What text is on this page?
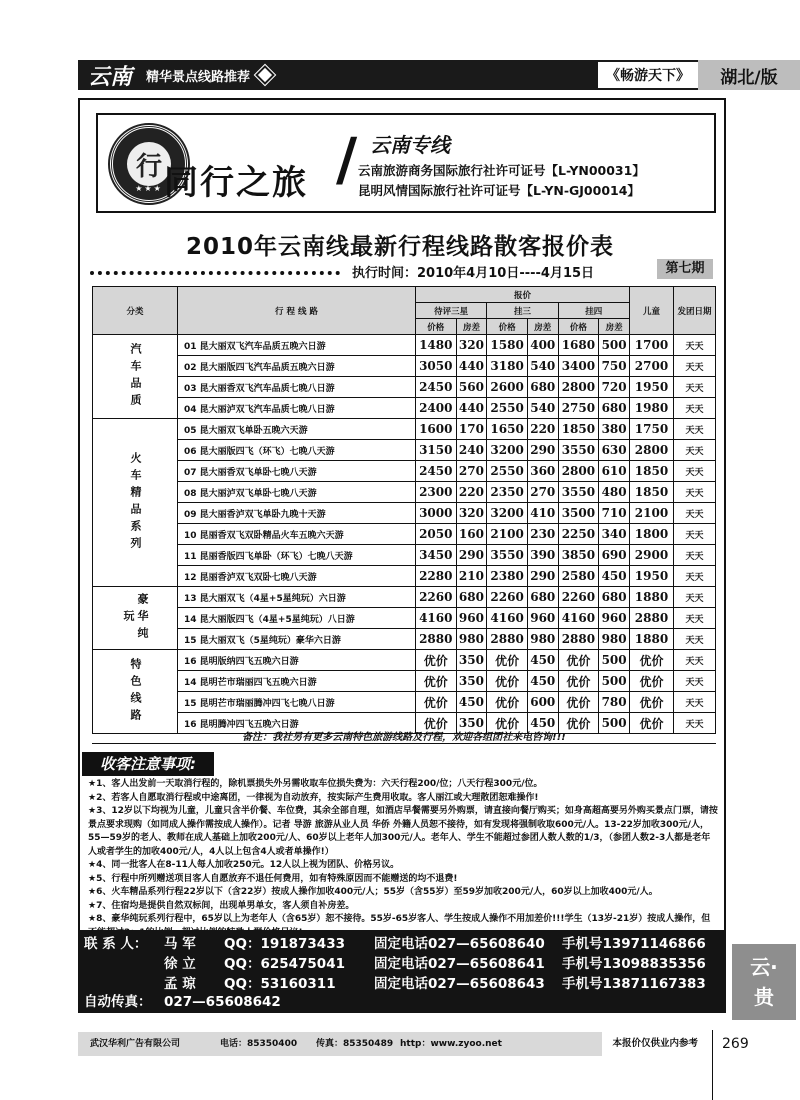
云南 精华景点线路推荐	《畅游天下》	湖北/版
行
★★★ 同行之旅 / 云南专线
云南旅游商务国际旅行社许可证号【L-YN00031】
昆明风情国际旅行社许可证号【L-YN-GJ00014】
2010年云南线最新行程线路散客报价表
执行时间：2010年4月10日----4月15日	第七期
分类	行 程 线 路	报价						儿童	发团日期
		待评三星		挂三		挂四			
		价格	房差	价格	房差	价格	房差		
汽车品质	01 昆大丽双飞汽车品质五晚六日游	1480	320	1580	400	1680	500	1700	天天
	02 昆大丽版四飞汽车品质五晚六日游	3050	440	3180	540	3400	750	2700	天天
	03 昆大丽香双飞汽车品质七晚八日游	2450	560	2600	680	2800	720	1950	天天
	04 昆大丽泸双飞汽车品质七晚八日游	2400	440	2550	540	2750	680	1980	天天
火车精品系列	05 昆大丽双飞单卧五晚六天游	1600	170	1650	220	1850	380	1750	天天
	06 昆大丽版四飞（环飞）七晚八天游	3150	240	3200	290	3550	630	2800	天天
	07 昆大丽香双飞单卧七晚八天游	2450	270	2550	360	2800	610	1850	天天
	08 昆大丽泸双飞单卧七晚八天游	2300	220	2350	270	3550	480	1850	天天
	09 昆大丽香泸双飞单卧九晚十天游	3000	320	3200	410	3500	710	2100	天天
	10 昆丽香双飞双卧精品火车五晚六天游	2050	160	2100	230	2250	340	1800	天天
	11 昆丽香版四飞单卧（环飞）七晚八天游	3450	290	3550	390	3850	690	2900	天天
	12 昆丽香泸双飞双卧七晚八天游	2280	210	2380	290	2580	450	1950	天天
豪华纯玩	13 昆大丽双飞（4星+5星纯玩）六日游	2260	680	2260	680	2260	680	1880	天天
	14 昆大丽版四飞（4星+5星纯玩）八日游	4160	960	4160	960	4160	960	2880	天天
	15 昆大丽双飞（5星纯玩）豪华六日游	2880	980	2880	980	2880	980	1880	天天
特色线路	16 昆明版纳四飞五晚六日游	优价	350	优价	450	优价	500	优价	天天
	14 昆明芒市瑞丽四飞五晚六日游	优价	350	优价	450	优价	500	优价	天天
	15 昆明芒市瑞丽腾冲四飞七晚八日游	优价	450	优价	600	优价	780	优价	天天
	16 昆明腾冲四飞五晚六日游	优价	350	优价	450	优价	500	优价	天天
备注：我社另有更多云南特色旅游线路及行程，欢迎各组团社来电咨询!!!
收客注意事项:
★1、客人出发前一天取消行程的，除机票损失外另需收取车位损失费为：六天行程200/位；八天行程300元/位。
★2、若客人自愿取消行程或中途离团，一律视为自动放弃，按实际产生费用收取。客人丽江或大理散团恕难操作!
★3、12岁以下均视为儿童，儿童只含半价餐、车位费，其余全部自理，如酒店早餐需要另外购票，请直接向餐厅购买；如身高超高要另外购买景点门票，请按景点要求现购（如同成人操作需按成人操作）。记者 导游 旅游从业人员 华侨 外籍人员恕不接待，如有发现将强制收取600元/人。13-22岁加收300元/人，55—59岁的老人、教师在成人基础上加收200元/人、60岁以上老年人加300元/人。老年人、学生不能超过参团人数人数的1/3，（参团人数2-3人都是老年人或者学生的加收400元/人，4人以上包含4人或者单操作!）
★4、同一批客人在8-11人每人加收250元。12人以上视为团队、价格另议。
★5、行程中所列赠送项目客人自愿放弃不退任何费用，如有特殊原因而不能赠送的均不退费!
★6、火车精品系列行程22岁以下（含22岁）按成人操作加收400元/人；55岁（含55岁）至59岁加收200元/人，60岁以上加收400元/人。
★7、住宿均是提供自然双标间，出现单男单女，客人须自补房差。
★8、豪华纯玩系列行程中，65岁以上为老年人（含65岁）恕不接待。55岁-65岁客人、学生按成人操作不用加差价!!!学生（13岁-21岁）按成人操作，但
联 系 人： 马 军 QQ：191873433 固定电话027—65608640 手机号13971146866
徐 立 QQ：625475041 固定电话027—65608641 手机号13098835356
孟 琼 QQ：53160311	固定电话027—65608643 手机号13871167383
自动传真： 027—65608642
云·
贵
武汉华利广告有限公司	电话：85350400 传真：85350489 http：www.zyoo.net	本报价仅供业内参考	269
